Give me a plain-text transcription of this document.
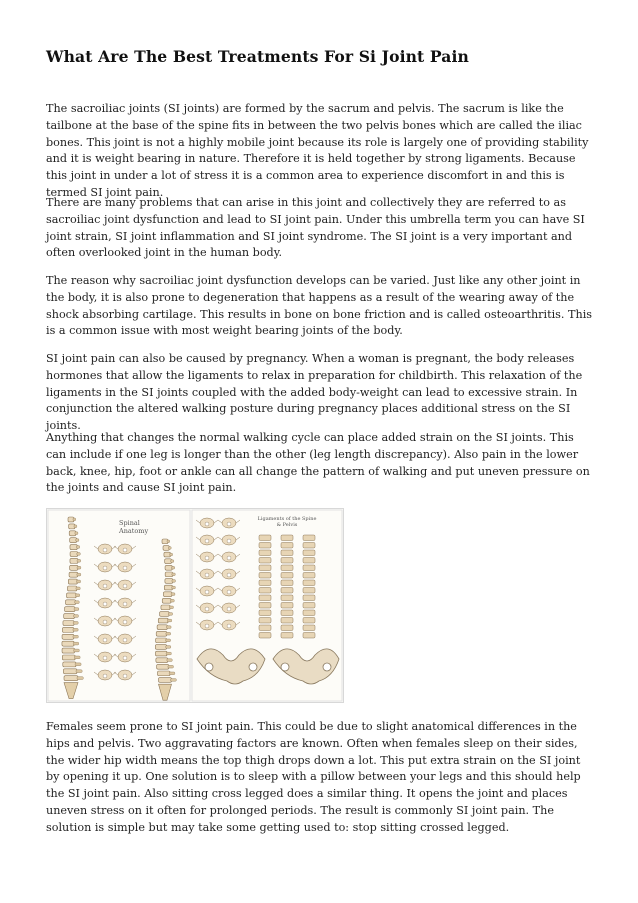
What Are The Best Treatments For Si Joint Pain

The sacroiliac joints (SI joints) are formed by the sacrum and pelvis. The sacrum is like the tailbone at the base of the spine fits in between the two pelvis bones which are called the iliac bones. This joint is not a highly mobile joint because its role is largely one of providing stability and it is weight bearing in nature. Therefore it is held together by strong ligaments. Because this joint in under a lot of stress it is a common area to experience discomfort in and this is termed SI joint pain.

There are many problems that can arise in this joint and collectively they are referred to as sacroiliac joint dysfunction and lead to SI joint pain. Under this umbrella term you can have SI joint strain, SI joint inflammation and SI joint syndrome. The SI joint is a very important and often overlooked joint in the human body.

The reason why sacroiliac joint dysfunction develops can be varied. Just like any other joint in the body, it is also prone to degeneration that happens as a result of the wearing away of the shock absorbing cartilage. This results in bone on bone friction and is called osteoarthritis. This is a common issue with most weight bearing joints of the body.

SI joint pain can also be caused by pregnancy. When a woman is pregnant, the body releases hormones that allow the ligaments to relax in preparation for childbirth. This relaxation of the ligaments in the SI joints coupled with the added body-weight can lead to excessive strain. In conjunction the altered walking posture during pregnancy places additional stress on the SI joints.

Anything that changes the normal walking cycle can place added strain on the SI joints. This can include if one leg is longer than the other (leg length discrepancy). Also pain in the lower back, knee, hip, foot or ankle can all change the pattern of walking and put uneven pressure on the joints and cause SI joint pain.

Spinal
Anatomy
Ligaments of the Spine
& Pelvis

Females seem prone to SI joint pain. This could be due to slight anatomical differences in the hips and pelvis. Two aggravating factors are known. Often when females sleep on their sides, the wider hip width means the top thigh drops down a lot. This put extra strain on the SI joint by opening it up. One solution is to sleep with a pillow between your legs and this should help the SI joint pain. Also sitting cross legged does a similar thing. It opens the joint and places uneven stress on it often for prolonged periods. The result is commonly SI joint pain. The solution is simple but may take some getting used to: stop sitting crossed legged.
